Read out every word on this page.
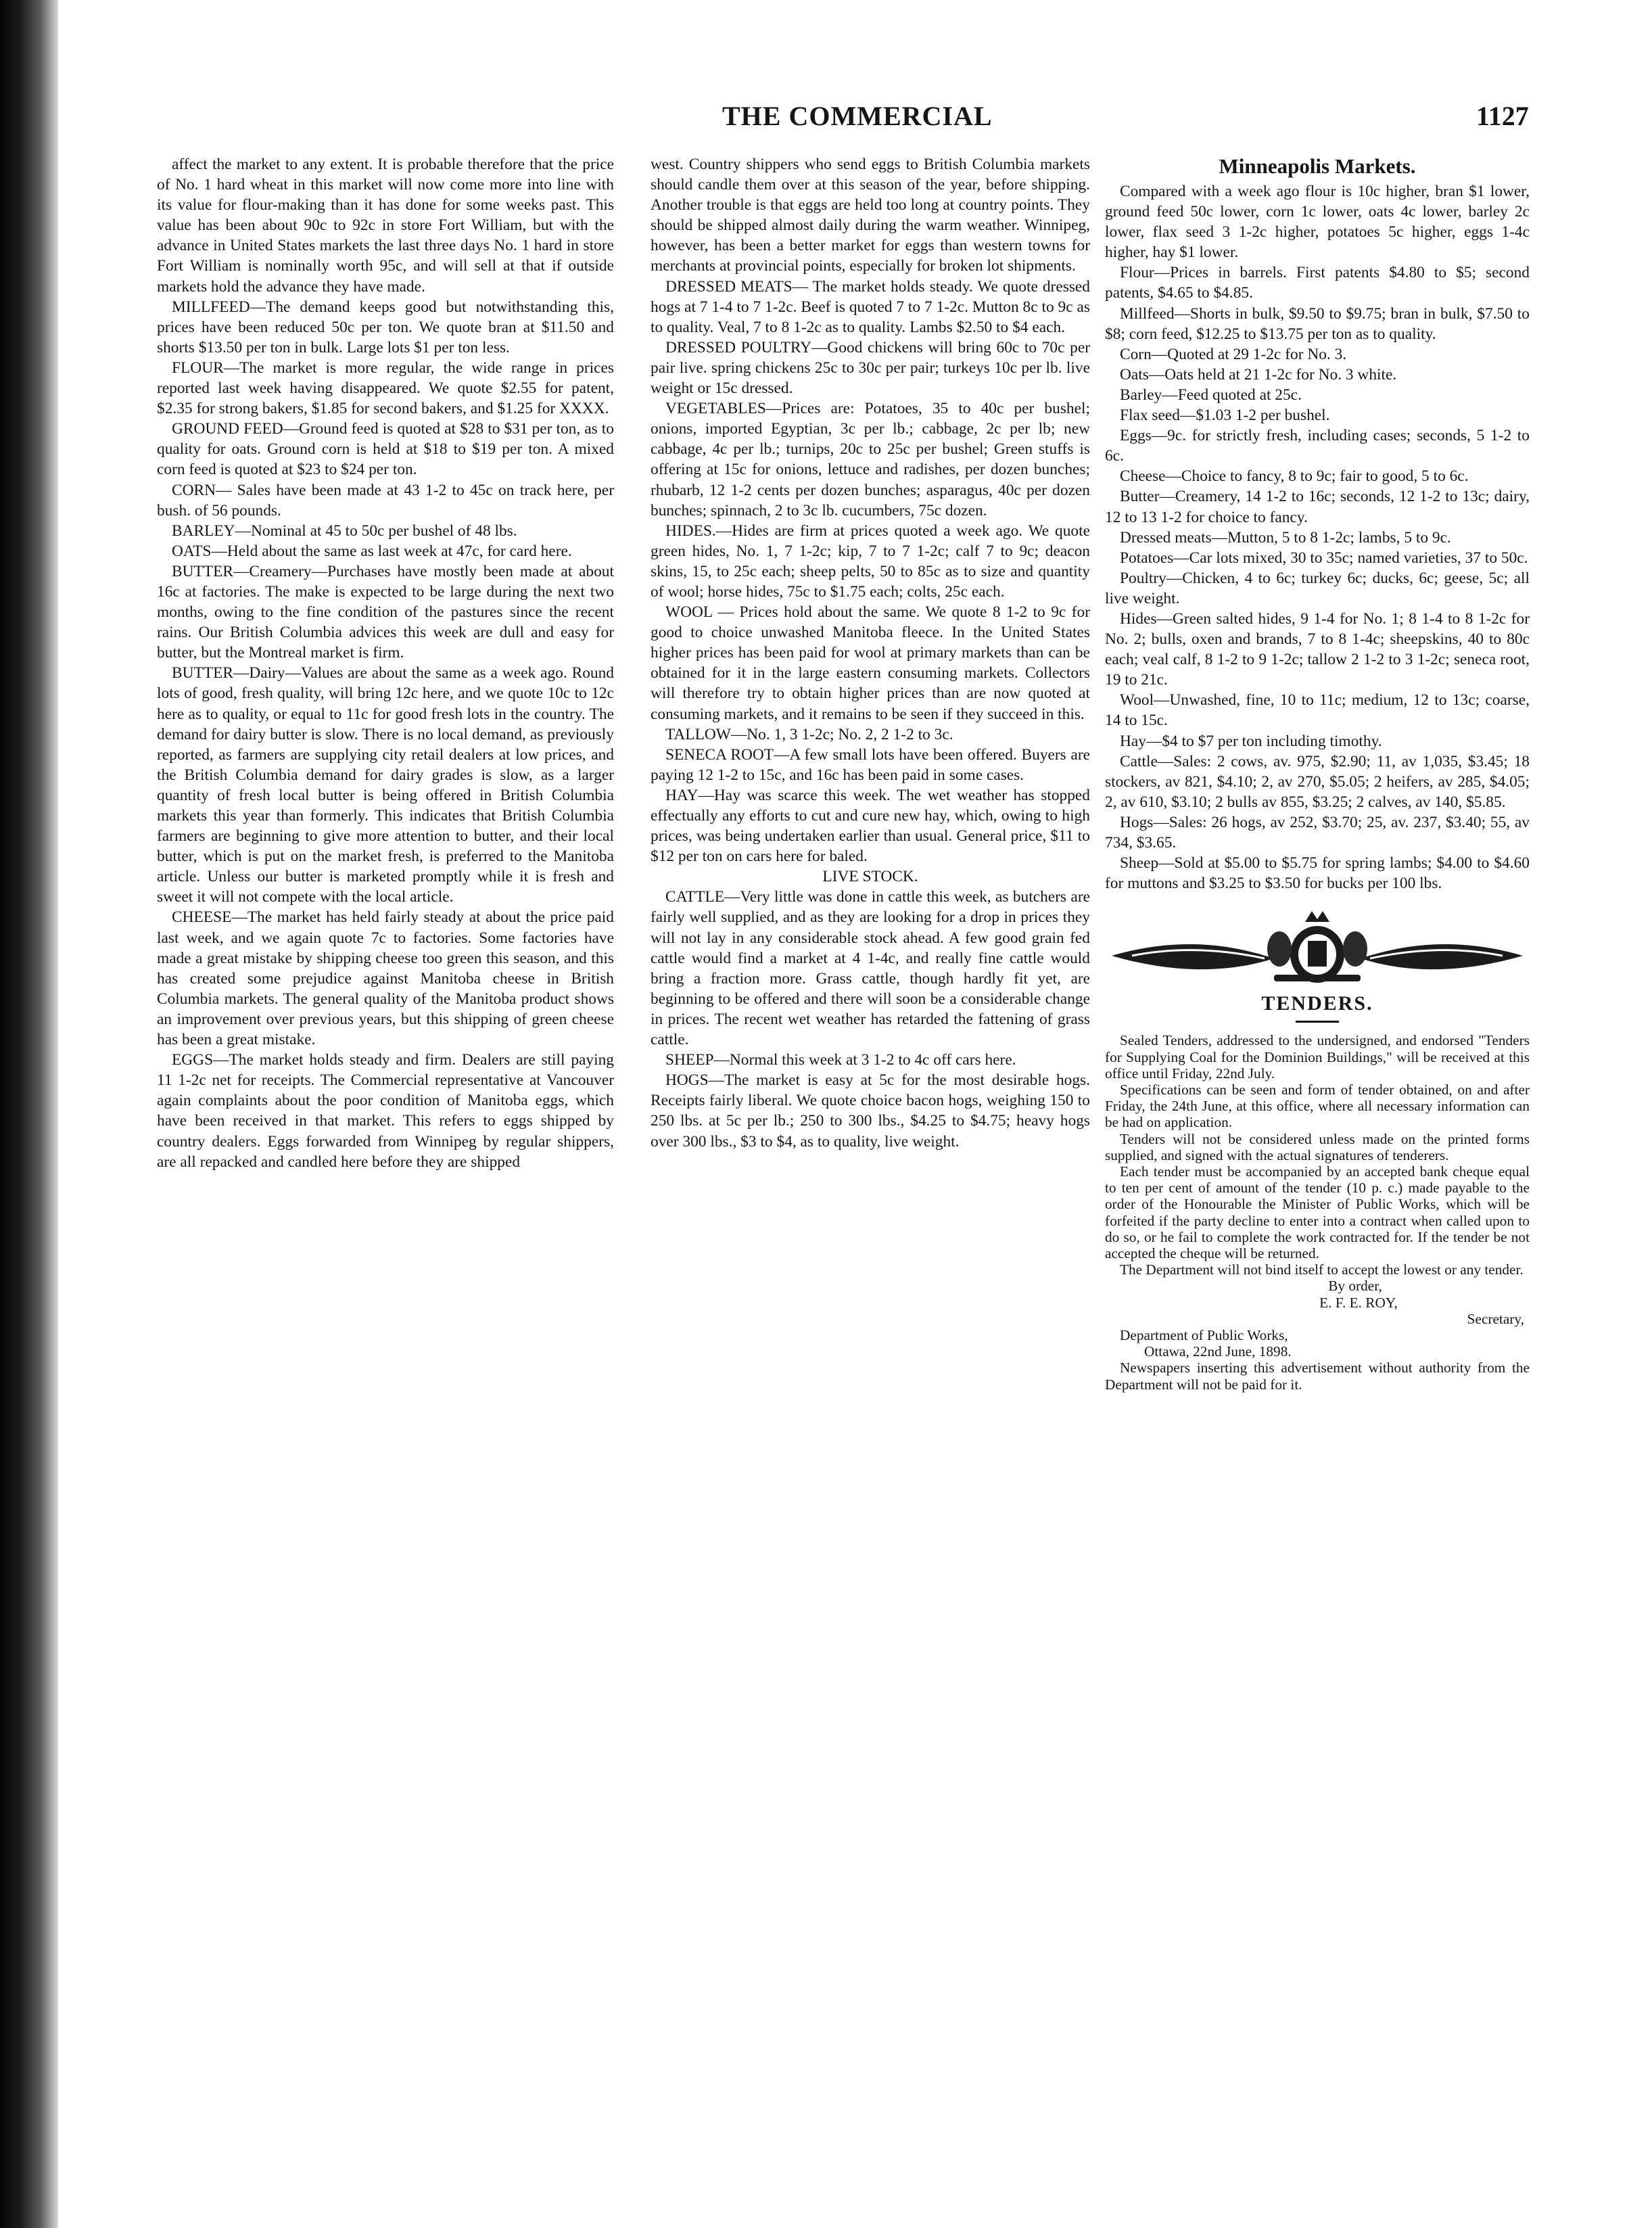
THE COMMERCIAL	1127

affect the market to any extent. It is probable therefore that the price of No. 1 hard wheat in this market will now come more into line with its value for flour-making than it has done for some weeks past. This value has been about 90c to 92c in store Fort William, but with the advance in United States markets the last three days No. 1 hard in store Fort William is nominally worth 95c, and will sell at that if outside markets hold the advance they have made.

MILLFEED—The demand keeps good but notwithstanding this, prices have been reduced 50c per ton. We quote bran at $11.50 and shorts $13.50 per ton in bulk. Large lots $1 per ton less.

FLOUR—The market is more regular, the wide range in prices reported last week having disappeared. We quote $2.55 for patent, $2.35 for strong bakers, $1.85 for second bakers, and $1.25 for XXXX.

GROUND FEED—Ground feed is quoted at $28 to $31 per ton, as to quality for oats. Ground corn is held at $18 to $19 per ton. A mixed corn feed is quoted at $23 to $24 per ton.

CORN— Sales have been made at 43 1-2 to 45c on track here, per bush. of 56 pounds.

BARLEY—Nominal at 45 to 50c per bushel of 48 lbs.

OATS—Held about the same as last week at 47c, for card here.

BUTTER—Creamery—Purchases have mostly been made at about 16c at factories. The make is expected to be large during the next two months, owing to the fine condition of the pastures since the recent rains. Our British Columbia advices this week are dull and easy for butter, but the Montreal market is firm.

BUTTER—Dairy—Values are about the same as a week ago. Round lots of good, fresh quality, will bring 12c here, and we quote 10c to 12c here as to quality, or equal to 11c for good fresh lots in the country. The demand for dairy butter is slow. There is no local demand, as previously reported, as farmers are supplying city retail dealers at low prices, and the British Columbia demand for dairy grades is slow, as a larger quantity of fresh local butter is being offered in British Columbia markets this year than formerly. This indicates that British Columbia farmers are beginning to give more attention to butter, and their local butter, which is put on the market fresh, is preferred to the Manitoba article. Unless our butter is marketed promptly while it is fresh and sweet it will not compete with the local article.

CHEESE—The market has held fairly steady at about the price paid last week, and we again quote 7c to factories. Some factories have made a great mistake by shipping cheese too green this season, and this has created some prejudice against Manitoba cheese in British Columbia markets. The general quality of the Manitoba product shows an improvement over previous years, but this shipping of green cheese has been a great mistake.

EGGS—The market holds steady and firm. Dealers are still paying 11 1-2c net for receipts. The Commercial representative at Vancouver again complaints about the poor condition of Manitoba eggs, which have been received in that market. This refers to eggs shipped by country dealers. Eggs forwarded from Winnipeg by regular shippers, are all repacked and candled here before they are shipped

west. Country shippers who send eggs to British Columbia markets should candle them over at this season of the year, before shipping. Another trouble is that eggs are held too long at country points. They should be shipped almost daily during the warm weather. Winnipeg, however, has been a better market for eggs than western towns for merchants at provincial points, especially for broken lot shipments.

DRESSED MEATS— The market holds steady. We quote dressed hogs at 7 1-4 to 7 1-2c. Beef is quoted 7 to 7 1-2c. Mutton 8c to 9c as to quality. Veal, 7 to 8 1-2c as to quality. Lambs $2.50 to $4 each.

DRESSED POULTRY—Good chickens will bring 60c to 70c per pair live. spring chickens 25c to 30c per pair; turkeys 10c per lb. live weight or 15c dressed.

VEGETABLES—Prices are: Potatoes, 35 to 40c per bushel; onions, imported Egyptian, 3c per lb.; cabbage, 2c per lb; new cabbage, 4c per lb.; turnips, 20c to 25c per bushel; Green stuffs is offering at 15c for onions, lettuce and radishes, per dozen bunches; rhubarb, 12 1-2 cents per dozen bunches; asparagus, 40c per dozen bunches; spinnach, 2 to 3c lb. cucumbers, 75c dozen.

HIDES.—Hides are firm at prices quoted a week ago. We quote green hides, No. 1, 7 1-2c; kip, 7 to 7 1-2c; calf 7 to 9c; deacon skins, 15, to 25c each; sheep pelts, 50 to 85c as to size and quantity of wool; horse hides, 75c to $1.75 each; colts, 25c each.

WOOL — Prices hold about the same. We quote 8 1-2 to 9c for good to choice unwashed Manitoba fleece. In the United States higher prices has been paid for wool at primary markets than can be obtained for it in the large eastern consuming markets. Collectors will therefore try to obtain higher prices than are now quoted at consuming markets, and it remains to be seen if they succeed in this.

TALLOW—No. 1, 3 1-2c; No. 2, 2 1-2 to 3c.

SENECA ROOT—A few small lots have been offered. Buyers are paying 12 1-2 to 15c, and 16c has been paid in some cases.

HAY—Hay was scarce this week. The wet weather has stopped effectually any efforts to cut and cure new hay, which, owing to high prices, was being undertaken earlier than usual. General price, $11 to $12 per ton on cars here for baled.

LIVE STOCK.

CATTLE—Very little was done in cattle this week, as butchers are fairly well supplied, and as they are looking for a drop in prices they will not lay in any considerable stock ahead. A few good grain fed cattle would find a market at 4 1-4c, and really fine cattle would bring a fraction more. Grass cattle, though hardly fit yet, are beginning to be offered and there will soon be a considerable change in prices. The recent wet weather has retarded the fattening of grass cattle.

SHEEP—Normal this week at 3 1-2 to 4c off cars here.

HOGS—The market is easy at 5c for the most desirable hogs. Receipts fairly liberal. We quote choice bacon hogs, weighing 150 to 250 lbs. at 5c per lb.; 250 to 300 lbs., $4.25 to $4.75; heavy hogs over 300 lbs., $3 to $4, as to quality, live weight.

Minneapolis Markets.

Compared with a week ago flour is 10c higher, bran $1 lower, ground feed 50c lower, corn 1c lower, oats 4c lower, barley 2c lower, flax seed 3 1-2c higher, potatoes 5c higher, eggs 1-4c higher, hay $1 lower.

Flour—Prices in barrels. First patents $4.80 to $5; second patents, $4.65 to $4.85.

Millfeed—Shorts in bulk, $9.50 to $9.75; bran in bulk, $7.50 to $8; corn feed, $12.25 to $13.75 per ton as to quality.

Corn—Quoted at 29 1-2c for No. 3.

Oats—Oats held at 21 1-2c for No. 3 white.

Barley—Feed quoted at 25c.

Flax seed—$1.03 1-2 per bushel.

Eggs—9c. for strictly fresh, including cases; seconds, 5 1-2 to 6c.

Cheese—Choice to fancy, 8 to 9c; fair to good, 5 to 6c.

Butter—Creamery, 14 1-2 to 16c; seconds, 12 1-2 to 13c; dairy, 12 to 13 1-2 for choice to fancy.

Dressed meats—Mutton, 5 to 8 1-2c; lambs, 5 to 9c.

Potatoes—Car lots mixed, 30 to 35c; named varieties, 37 to 50c.

Poultry—Chicken, 4 to 6c; turkey 6c; ducks, 6c; geese, 5c; all live weight.

Hides—Green salted hides, 9 1-4 for No. 1; 8 1-4 to 8 1-2c for No. 2; bulls, oxen and brands, 7 to 8 1-4c; sheepskins, 40 to 80c each; veal calf, 8 1-2 to 9 1-2c; tallow 2 1-2 to 3 1-2c; seneca root, 19 to 21c.

Wool—Unwashed, fine, 10 to 11c; medium, 12 to 13c; coarse, 14 to 15c.

Hay—$4 to $7 per ton including timothy.

Cattle—Sales: 2 cows, av. 975, $2.90; 11, av 1,035, $3.45; 18 stockers, av 821, $4.10; 2, av 270, $5.05; 2 heifers, av 285, $4.05; 2, av 610, $3.10; 2 bulls av 855, $3.25; 2 calves, av 140, $5.85.

Hogs—Sales: 26 hogs, av 252, $3.70; 25, av. 237, $3.40; 55, av 734, $3.65.

Sheep—Sold at $5.00 to $5.75 for spring lambs; $4.00 to $4.60 for muttons and $3.25 to $3.50 for bucks per 100 lbs.

TENDERS.

Sealed Tenders, addressed to the undersigned, and endorsed "Tenders for Supplying Coal for the Dominion Buildings," will be received at this office until Friday, 22nd July.

Specifications can be seen and form of tender obtained, on and after Friday, the 24th June, at this office, where all necessary information can be had on application.

Tenders will not be considered unless made on the printed forms supplied, and signed with the actual signatures of tenderers.

Each tender must be accompanied by an accepted bank cheque equal to ten per cent of amount of the tender (10 p. c.) made payable to the order of the Honourable the Minister of Public Works, which will be forfeited if the party decline to enter into a contract when called upon to do so, or he fail to complete the work contracted for. If the tender be not accepted the cheque will be returned.

The Department will not bind itself to accept the lowest or any tender.

By order,

E. F. E. ROY,

Secretary,

Department of Public Works,

Ottawa, 22nd June, 1898.

Newspapers inserting this advertisement without authority from the Department will not be paid for it.
